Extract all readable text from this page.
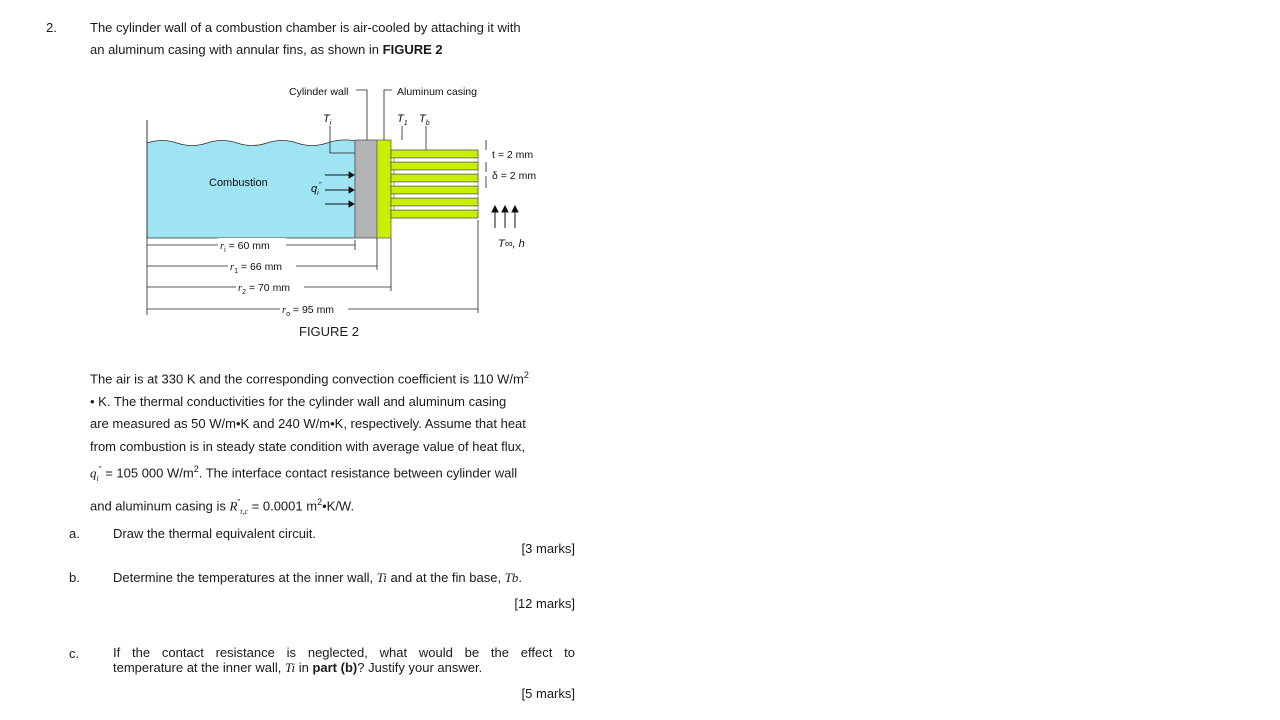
2.	The cylinder wall of a combustion chamber is air-cooled by attaching it with
an aluminum casing with annular fins, as shown in FIGURE 2
Cylinder wall	Aluminum casing
$T_i$	$T_1$ $T_b$
Combustion	$q_i^"$
t = 2 mm
δ = 2 mm
T∞, h
$r_i = 60$ mm
$r_1 = 66$ mm
$r_2 = 70$ mm
$r_o = 95$ mm
FIGURE 2
The air is at 330 K and the corresponding convection coefficient is 110 $W/m^2$
• K. The thermal conductivities for the cylinder wall and aluminum casing
are measured as 50 W/m•K and 240 W/m•K, respectively. Assume that heat
from combustion is in steady state condition with average value of heat flux,
$q_i^" = 105$ 000 $W/m^2$. The interface contact resistance between cylinder wall
and aluminum casing is $R^"_{t,c} = 0.0001$ $m^2•K/W$.
a.	Draw the thermal equivalent circuit.
[3 marks]
b.	Determine the temperatures at the inner wall, Ti and at the fin base, Tb.
[12 marks]
c.	If the contact resistance is neglected, what would be the effect to
temperature at the inner wall, Ti in part (b)? Justify your answer.
[5 marks]
